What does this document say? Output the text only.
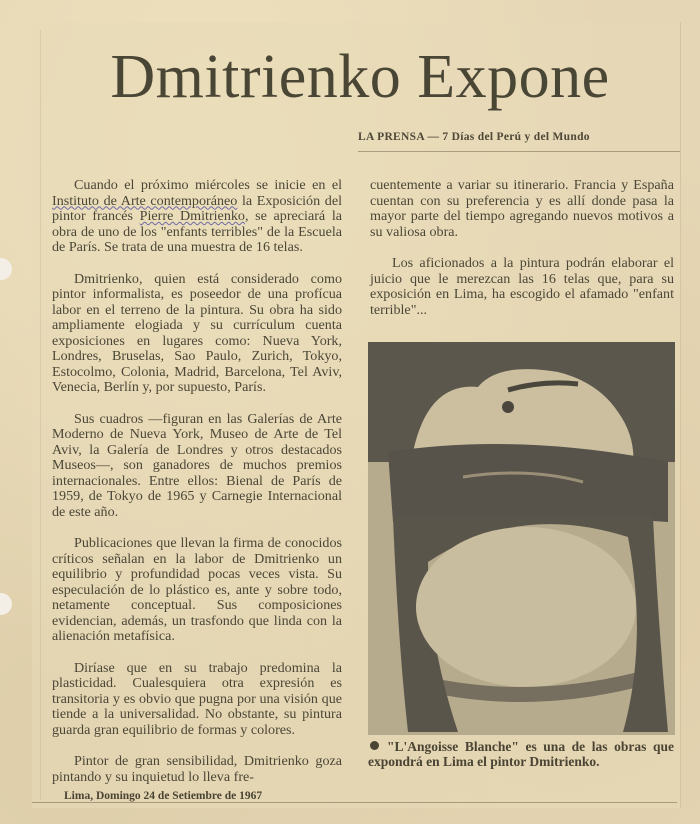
Dmitrienko Expone
LA PRENSA — 7 Días del Perú y del Mundo

Cuando el próximo miércoles se inicie en el Instituto de Arte contemporáneo la Exposición del pintor francés Pierre Dmitrienko, se apreciará la obra de uno de los "enfants terribles" de la Escuela de París. Se trata de una muestra de 16 telas.

Dmitrienko, quien está considerado como pintor informalista, es poseedor de una profícua labor en el terreno de la pintura. Su obra ha sido ampliamente elogiada y su currículum cuenta exposiciones en lugares como: Nueva York, Londres, Bruselas, Sao Paulo, Zurich, Tokyo, Estocolmo, Colonia, Madrid, Barcelona, Tel Aviv, Venecia, Berlín y, por supuesto, París.

Sus cuadros —figuran en las Galerías de Arte Moderno de Nueva York, Museo de Arte de Tel Aviv, la Galería de Londres y otros destacados Museos—, son ganadores de muchos premios internacionales. Entre ellos: Bienal de París de 1959, de Tokyo de 1965 y Carnegie Internacional de este año.

Publicaciones que llevan la firma de conocidos críticos señalan en la labor de Dmitrienko un equilibrio y profundidad pocas veces vista. Su especulación de lo plástico es, ante y sobre todo, netamente conceptual. Sus composiciones evidencian, además, un trasfondo que linda con la alienación metafísica.

Diríase que en su trabajo predomina la plasticidad. Cualesquiera otra expresión es transitoria y es obvio que pugna por una visión que tiende a la universalidad. No obstante, su pintura guarda gran equilibrio de formas y colores.

Pintor de gran sensibilidad, Dmitrienko goza pintando y su inquietud lo lleva fre-

cuentemente a variar su itinerario. Francia y España cuentan con su preferencia y es allí donde pasa la mayor parte del tiempo agregando nuevos motivos a su valiosa obra.

Los aficionados a la pintura podrán elaborar el juicio que le merezcan las 16 telas que, para su exposición en Lima, ha escogido el afamado "enfant terrible"...

"L'Angoisse Blanche" es una de las obras que expondrá en Lima el pintor Dmitrienko.
Lima, Domingo 24 de Setiembre de 1967
